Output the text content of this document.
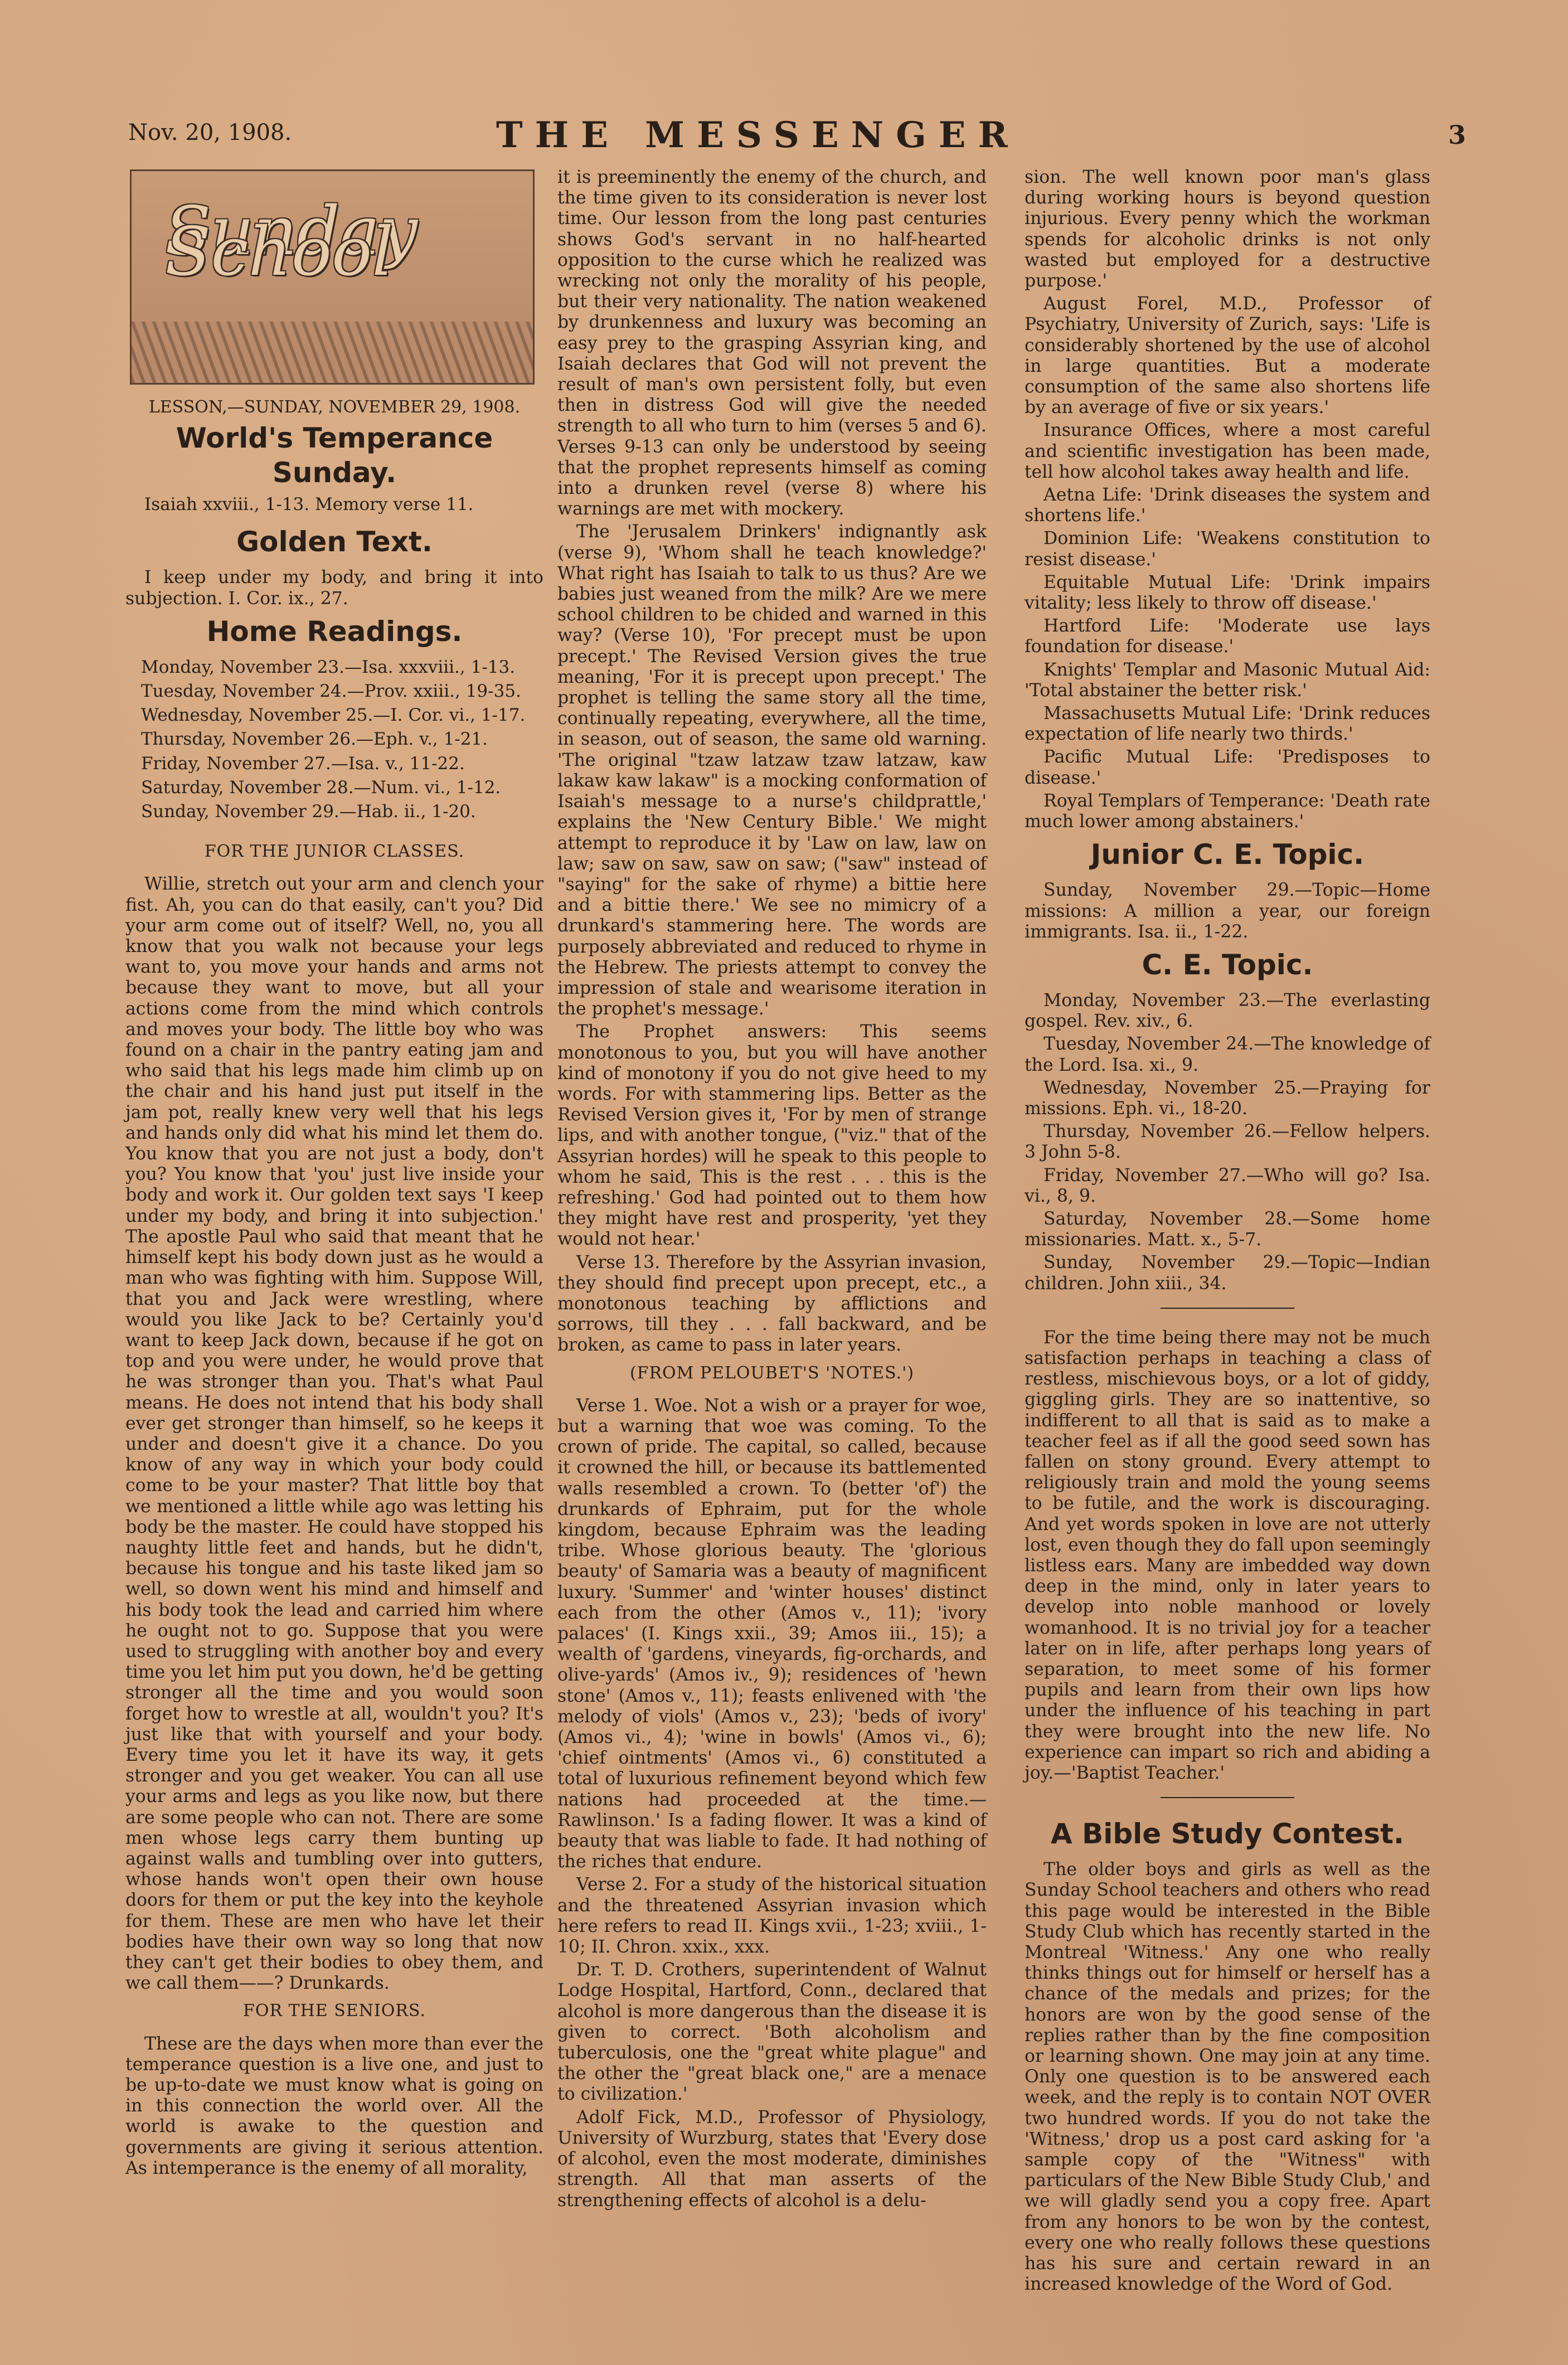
Nov. 20, 1908.	THE MESSENGER	3
Sunday School
LESSON,—SUNDAY, NOVEMBER 29, 1908.
World's Temperance Sunday.
Isaiah xxviii., 1-13. Memory verse 11.
Golden Text.

I keep under my body, and bring it into subjection. I. Cor. ix., 27.

Home Readings.
Monday, November 23.—Isa. xxxviii., 1-13.
Tuesday, November 24.—Prov. xxiii., 19-35.
Wednesday, November 25.—I. Cor. vi., 1-17.
Thursday, November 26.—Eph. v., 1-21.
Friday, November 27.—Isa. v., 11-22.
Saturday, November 28.—Num. vi., 1-12.
Sunday, November 29.—Hab. ii., 1-20.
FOR THE JUNIOR CLASSES.

Willie, stretch out your arm and clench your fist. Ah, you can do that easily, can't you? Did your arm come out of itself? Well, no, you all know that you walk not because your legs want to, you move your hands and arms not because they want to move, but all your actions come from the mind which controls and moves your body. The little boy who was found on a chair in the pantry eating jam and who said that his legs made him climb up on the chair and his hand just put itself in the jam pot, really knew very well that his legs and hands only did what his mind let them do. You know that you are not just a body, don't you? You know that 'you' just live inside your body and work it. Our golden text says 'I keep under my body, and bring it into subjection.' The apostle Paul who said that meant that he himself kept his body down just as he would a man who was fighting with him. Suppose Will, that you and Jack were wrestling, where would you like Jack to be? Certainly you'd want to keep Jack down, because if he got on top and you were under, he would prove that he was stronger than you. That's what Paul means. He does not intend that his body shall ever get stronger than himself, so he keeps it under and doesn't give it a chance. Do you know of any way in which your body could come to be your master? That little boy that we mentioned a little while ago was letting his body be the master. He could have stopped his naughty little feet and hands, but he didn't, because his tongue and his taste liked jam so well, so down went his mind and himself and his body took the lead and carried him where he ought not to go. Suppose that you were used to struggling with another boy and every time you let him put you down, he'd be getting stronger all the time and you would soon forget how to wrestle at all, wouldn't you? It's just like that with yourself and your body. Every time you let it have its way, it gets stronger and you get weaker. You can all use your arms and legs as you like now, but there are some people who can not. There are some men whose legs carry them bunting up against walls and tumbling over into gutters, whose hands won't open their own house doors for them or put the key into the keyhole for them. These are men who have let their bodies have their own way so long that now they can't get their bodies to obey them, and we call them——? Drunkards.

FOR THE SENIORS.

These are the days when more than ever the temperance question is a live one, and just to be up-to-date we must know what is going on in this connection the world over. All the world is awake to the question and governments are giving it serious attention. As intemperance is the enemy of all morality,

it is preeminently the enemy of the church, and the time given to its consideration is never lost time. Our lesson from the long past centuries shows God's servant in no half-hearted opposition to the curse which he realized was wrecking not only the morality of his people, but their very nationality. The nation weakened by drunkenness and luxury was becoming an easy prey to the grasping Assyrian king, and Isaiah declares that God will not prevent the result of man's own persistent folly, but even then in distress God will give the needed strength to all who turn to him (verses 5 and 6). Verses 9-13 can only be understood by seeing that the prophet represents himself as coming into a drunken revel (verse 8) where his warnings are met with mockery.

The 'Jerusalem Drinkers' indignantly ask (verse 9), 'Whom shall he teach knowledge?' What right has Isaiah to talk to us thus? Are we babies just weaned from the milk? Are we mere school children to be chided and warned in this way? (Verse 10), 'For precept must be upon precept.' The Revised Version gives the true meaning, 'For it is precept upon precept.' The prophet is telling the same story all the time, continually repeating, everywhere, all the time, in season, out of season, the same old warning. 'The original "tzaw latzaw tzaw latzaw, kaw lakaw kaw lakaw" is a mocking conformation of Isaiah's message to a nurse's childprattle,' explains the 'New Century Bible.' We might attempt to reproduce it by 'Law on law, law on law; saw on saw, saw on saw; ("saw" instead of "saying" for the sake of rhyme) a bittie here and a bittie there.' We see no mimicry of a drunkard's stammering here. The words are purposely abbreviated and reduced to rhyme in the Hebrew. The priests attempt to convey the impression of stale and wearisome iteration in the prophet's message.'

The Prophet answers: This seems monotonous to you, but you will have another kind of monotony if you do not give heed to my words. For with stammering lips. Better as the Revised Version gives it, 'For by men of strange lips, and with another tongue, ("viz." that of the Assyrian hordes) will he speak to this people to whom he said, This is the rest . . . this is the refreshing.' God had pointed out to them how they might have rest and prosperity, 'yet they would not hear.'

Verse 13. Therefore by the Assyrian invasion, they should find precept upon precept, etc., a monotonous teaching by afflictions and sorrows, till they . . . fall backward, and be broken, as came to pass in later years.

(FROM PELOUBET'S 'NOTES.')

Verse 1. Woe. Not a wish or a prayer for woe, but a warning that woe was coming. To the crown of pride. The capital, so called, because it crowned the hill, or because its battlemented walls resembled a crown. To (better 'of') the drunkards of Ephraim, put for the whole kingdom, because Ephraim was the leading tribe. Whose glorious beauty. The 'glorious beauty' of Samaria was a beauty of magnificent luxury. 'Summer' and 'winter houses' distinct each from the other (Amos v., 11); 'ivory palaces' (I. Kings xxii., 39; Amos iii., 15); a wealth of 'gardens, vineyards, fig-orchards, and olive-yards' (Amos iv., 9); residences of 'hewn stone' (Amos v., 11); feasts enlivened with 'the melody of viols' (Amos v., 23); 'beds of ivory' (Amos vi., 4); 'wine in bowls' (Amos vi., 6); 'chief ointments' (Amos vi., 6) constituted a total of luxurious refinement beyond which few nations had proceeded at the time.—Rawlinson.' Is a fading flower. It was a kind of beauty that was liable to fade. It had nothing of the riches that endure.

Verse 2. For a study of the historical situation and the threatened Assyrian invasion which here refers to read II. Kings xvii., 1-23; xviii., 1-10; II. Chron. xxix., xxx.

Dr. T. D. Crothers, superintendent of Walnut Lodge Hospital, Hartford, Conn., declared that alcohol is more dangerous than the disease it is given to correct. 'Both alcoholism and tuberculosis, one the "great white plague" and the other the "great black one," are a menace to civilization.'

Adolf Fick, M.D., Professor of Physiology, University of Wurzburg, states that 'Every dose of alcohol, even the most moderate, diminishes strength. All that man asserts of the strengthening effects of alcohol is a delu-

sion. The well known poor man's glass during working hours is beyond question injurious. Every penny which the workman spends for alcoholic drinks is not only wasted but employed for a destructive purpose.'

August Forel, M.D., Professor of Psychiatry, University of Zurich, says: 'Life is considerably shortened by the use of alcohol in large quantities. But a moderate consumption of the same also shortens life by an average of five or six years.'

Insurance Offices, where a most careful and scientific investigation has been made, tell how alcohol takes away health and life.

Aetna Life: 'Drink diseases the system and shortens life.'

Dominion Life: 'Weakens constitution to resist disease.'

Equitable Mutual Life: 'Drink impairs vitality; less likely to throw off disease.'

Hartford Life: 'Moderate use lays foundation for disease.'

Knights' Templar and Masonic Mutual Aid: 'Total abstainer the better risk.'

Massachusetts Mutual Life: 'Drink reduces expectation of life nearly two thirds.'

Pacific Mutual Life: 'Predisposes to disease.'

Royal Templars of Temperance: 'Death rate much lower among abstainers.'

Junior C. E. Topic.

Sunday, November 29.—Topic—Home missions: A million a year, our foreign immigrants. Isa. ii., 1-22.

C. E. Topic.

Monday, November 23.—The everlasting gospel. Rev. xiv., 6.

Tuesday, November 24.—The knowledge of the Lord. Isa. xi., 9.

Wednesday, November 25.—Praying for missions. Eph. vi., 18-20.

Thursday, November 26.—Fellow helpers. 3 John 5-8.

Friday, November 27.—Who will go? Isa. vi., 8, 9.

Saturday, November 28.—Some home missionaries. Matt. x., 5-7.

Sunday, November 29.—Topic—Indian children. John xiii., 34.

For the time being there may not be much satisfaction perhaps in teaching a class of restless, mischievous boys, or a lot of giddy, giggling girls. They are so inattentive, so indifferent to all that is said as to make a teacher feel as if all the good seed sown has fallen on stony ground. Every attempt to religiously train and mold the young seems to be futile, and the work is discouraging. And yet words spoken in love are not utterly lost, even though they do fall upon seemingly listless ears. Many are imbedded way down deep in the mind, only in later years to develop into noble manhood or lovely womanhood. It is no trivial joy for a teacher later on in life, after perhaps long years of separation, to meet some of his former pupils and learn from their own lips how under the influence of his teaching in part they were brought into the new life. No experience can impart so rich and abiding a joy.—'Baptist Teacher.'

A Bible Study Contest.

The older boys and girls as well as the Sunday School teachers and others who read this page would be interested in the Bible Study Club which has recently started in the Montreal 'Witness.' Any one who really thinks things out for himself or herself has a chance of the medals and prizes; for the honors are won by the good sense of the replies rather than by the fine composition or learning shown. One may join at any time. Only one question is to be answered each week, and the reply is to contain NOT OVER two hundred words. If you do not take the 'Witness,' drop us a post card asking for 'a sample copy of the "Witness" with particulars of the New Bible Study Club,' and we will gladly send you a copy free. Apart from any honors to be won by the contest, every one who really follows these questions has his sure and certain reward in an increased knowledge of the Word of God.
